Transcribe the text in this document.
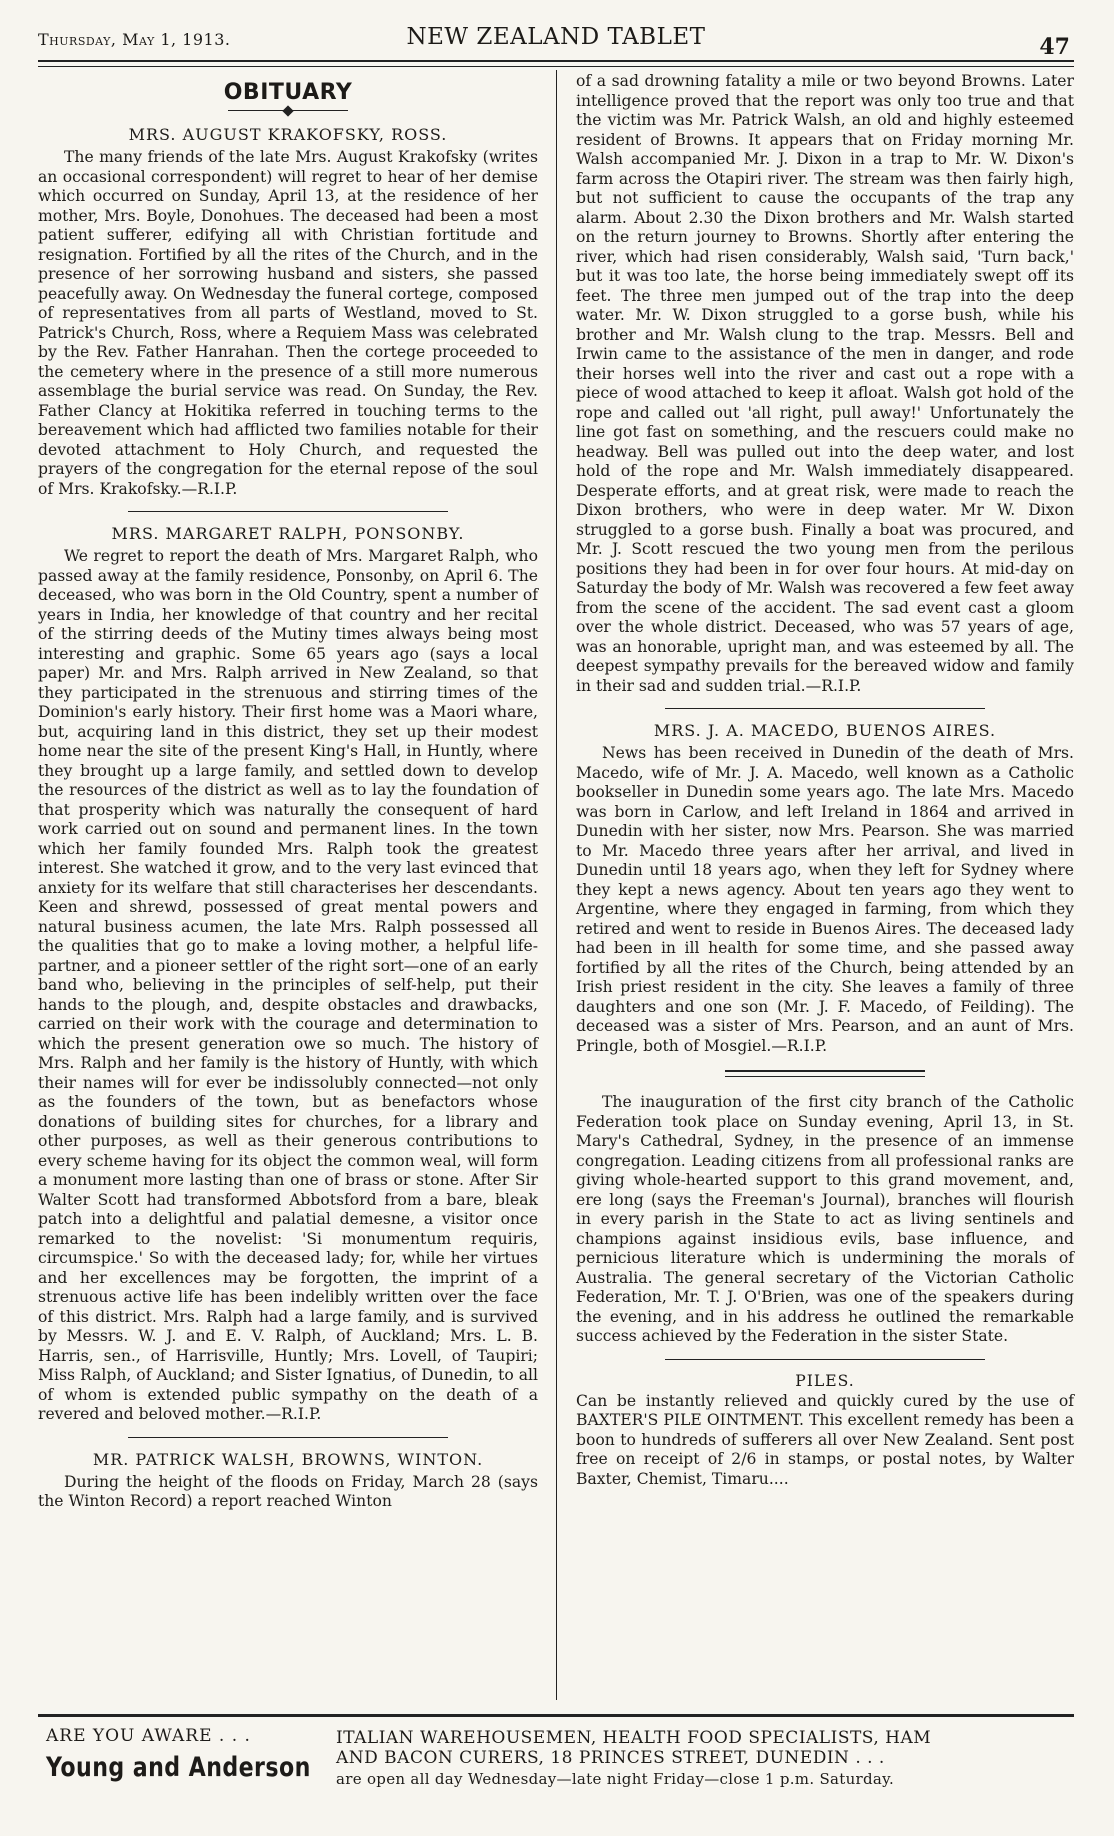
Thursday, May 1, 1913.	NEW ZEALAND TABLET	47
OBITUARY
MRS. AUGUST KRAKOFSKY, ROSS.

The many friends of the late Mrs. August Krakofsky (writes an occasional correspondent) will regret to hear of her demise which occurred on Sunday, April 13, at the residence of her mother, Mrs. Boyle, Donohues. The deceased had been a most patient sufferer, edifying all with Christian fortitude and resignation. Fortified by all the rites of the Church, and in the presence of her sorrowing husband and sisters, she passed peacefully away. On Wednesday the funeral cortege, composed of representatives from all parts of Westland, moved to St. Patrick's Church, Ross, where a Requiem Mass was celebrated by the Rev. Father Hanrahan. Then the cortege proceeded to the cemetery where in the presence of a still more numerous assemblage the burial service was read. On Sunday, the Rev. Father Clancy at Hokitika referred in touching terms to the bereavement which had afflicted two families notable for their devoted attachment to Holy Church, and requested the prayers of the congregation for the eternal repose of the soul of Mrs. Krakofsky.—R.I.P.

MRS. MARGARET RALPH, PONSONBY.

We regret to report the death of Mrs. Margaret Ralph, who passed away at the family residence, Ponsonby, on April 6. The deceased, who was born in the Old Country, spent a number of years in India, her knowledge of that country and her recital of the stirring deeds of the Mutiny times always being most interesting and graphic. Some 65 years ago (says a local paper) Mr. and Mrs. Ralph arrived in New Zealand, so that they participated in the strenuous and stirring times of the Dominion's early history. Their first home was a Maori whare, but, acquiring land in this district, they set up their modest home near the site of the present King's Hall, in Huntly, where they brought up a large family, and settled down to develop the resources of the district as well as to lay the foundation of that prosperity which was naturally the consequent of hard work carried out on sound and permanent lines. In the town which her family founded Mrs. Ralph took the greatest interest. She watched it grow, and to the very last evinced that anxiety for its welfare that still characterises her descendants. Keen and shrewd, possessed of great mental powers and natural business acumen, the late Mrs. Ralph possessed all the qualities that go to make a loving mother, a helpful life-partner, and a pioneer settler of the right sort—one of an early band who, believing in the principles of self-help, put their hands to the plough, and, despite obstacles and drawbacks, carried on their work with the courage and determination to which the present generation owe so much. The history of Mrs. Ralph and her family is the history of Huntly, with which their names will for ever be indissolubly connected—not only as the founders of the town, but as benefactors whose donations of building sites for churches, for a library and other purposes, as well as their generous contributions to every scheme having for its object the common weal, will form a monument more lasting than one of brass or stone. After Sir Walter Scott had transformed Abbotsford from a bare, bleak patch into a delightful and palatial demesne, a visitor once remarked to the novelist: 'Si monumentum requiris, circumspice.' So with the deceased lady; for, while her virtues and her excellences may be forgotten, the imprint of a strenuous active life has been indelibly written over the face of this district. Mrs. Ralph had a large family, and is survived by Messrs. W. J. and E. V. Ralph, of Auckland; Mrs. L. B. Harris, sen., of Harrisville, Huntly; Mrs. Lovell, of Taupiri; Miss Ralph, of Auckland; and Sister Ignatius, of Dunedin, to all of whom is extended public sympathy on the death of a revered and beloved mother.—R.I.P.

MR. PATRICK WALSH, BROWNS, WINTON.

During the height of the floods on Friday, March 28 (says the Winton Record) a report reached Winton

of a sad drowning fatality a mile or two beyond Browns. Later intelligence proved that the report was only too true and that the victim was Mr. Patrick Walsh, an old and highly esteemed resident of Browns. It appears that on Friday morning Mr. Walsh accompanied Mr. J. Dixon in a trap to Mr. W. Dixon's farm across the Otapiri river. The stream was then fairly high, but not sufficient to cause the occupants of the trap any alarm. About 2.30 the Dixon brothers and Mr. Walsh started on the return journey to Browns. Shortly after entering the river, which had risen considerably, Walsh said, 'Turn back,' but it was too late, the horse being immediately swept off its feet. The three men jumped out of the trap into the deep water. Mr. W. Dixon struggled to a gorse bush, while his brother and Mr. Walsh clung to the trap. Messrs. Bell and Irwin came to the assistance of the men in danger, and rode their horses well into the river and cast out a rope with a piece of wood attached to keep it afloat. Walsh got hold of the rope and called out 'all right, pull away!' Unfortunately the line got fast on something, and the rescuers could make no headway. Bell was pulled out into the deep water, and lost hold of the rope and Mr. Walsh immediately disappeared. Desperate efforts, and at great risk, were made to reach the Dixon brothers, who were in deep water. Mr W. Dixon struggled to a gorse bush. Finally a boat was procured, and Mr. J. Scott rescued the two young men from the perilous positions they had been in for over four hours. At mid-day on Saturday the body of Mr. Walsh was recovered a few feet away from the scene of the accident. The sad event cast a gloom over the whole district. Deceased, who was 57 years of age, was an honorable, upright man, and was esteemed by all. The deepest sympathy prevails for the bereaved widow and family in their sad and sudden trial.—R.I.P.

MRS. J. A. MACEDO, BUENOS AIRES.

News has been received in Dunedin of the death of Mrs. Macedo, wife of Mr. J. A. Macedo, well known as a Catholic bookseller in Dunedin some years ago. The late Mrs. Macedo was born in Carlow, and left Ireland in 1864 and arrived in Dunedin with her sister, now Mrs. Pearson. She was married to Mr. Macedo three years after her arrival, and lived in Dunedin until 18 years ago, when they left for Sydney where they kept a news agency. About ten years ago they went to Argentine, where they engaged in farming, from which they retired and went to reside in Buenos Aires. The deceased lady had been in ill health for some time, and she passed away fortified by all the rites of the Church, being attended by an Irish priest resident in the city. She leaves a family of three daughters and one son (Mr. J. F. Macedo, of Feilding). The deceased was a sister of Mrs. Pearson, and an aunt of Mrs. Pringle, both of Mosgiel.—R.I.P.

The inauguration of the first city branch of the Catholic Federation took place on Sunday evening, April 13, in St. Mary's Cathedral, Sydney, in the presence of an immense congregation. Leading citizens from all professional ranks are giving whole-hearted support to this grand movement, and, ere long (says the Freeman's Journal), branches will flourish in every parish in the State to act as living sentinels and champions against insidious evils, base influence, and pernicious literature which is undermining the morals of Australia. The general secretary of the Victorian Catholic Federation, Mr. T. J. O'Brien, was one of the speakers during the evening, and in his address he outlined the remarkable success achieved by the Federation in the sister State.

PILES.

Can be instantly relieved and quickly cured by the use of BAXTER'S PILE OINTMENT. This excellent remedy has been a boon to hundreds of sufferers all over New Zealand. Sent post free on receipt of 2/6 in stamps, or postal notes, by Walter Baxter, Chemist, Timaru....

ARE YOU AWARE . . .
Young and Anderson
ITALIAN WAREHOUSEMEN, HEALTH FOOD SPECIALISTS, HAM
AND BACON CURERS, 18 PRINCES STREET, DUNEDIN . . .
are open all day Wednesday—late night Friday—close 1 p.m. Saturday.
